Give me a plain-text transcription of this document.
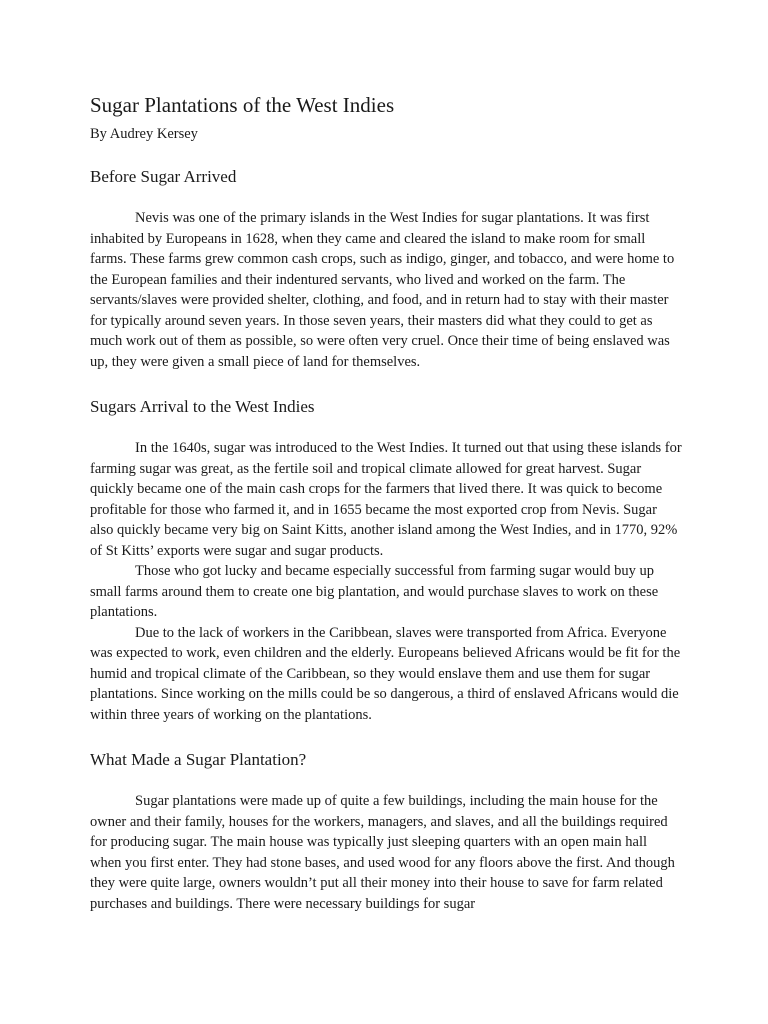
Sugar Plantations of the West Indies

By Audrey Kersey

Before Sugar Arrived

Nevis was one of the primary islands in the West Indies for sugar plantations. It was first inhabited by Europeans in 1628, when they came and cleared the island to make room for small farms. These farms grew common cash crops, such as indigo, ginger, and tobacco, and were home to the European families and their indentured servants, who lived and worked on the farm. The servants/slaves were provided shelter, clothing, and food, and in return had to stay with their master for typically around seven years. In those seven years, their masters did what they could to get as much work out of them as possible, so were often very cruel. Once their time of being enslaved was up, they were given a small piece of land for themselves.

Sugars Arrival to the West Indies

In the 1640s, sugar was introduced to the West Indies. It turned out that using these islands for farming sugar was great, as the fertile soil and tropical climate allowed for great harvest. Sugar quickly became one of the main cash crops for the farmers that lived there. It was quick to become profitable for those who farmed it, and in 1655 became the most exported crop from Nevis. Sugar also quickly became very big on Saint Kitts, another island among the West Indies, and in 1770, 92% of St Kitts’ exports were sugar and sugar products.

Those who got lucky and became especially successful from farming sugar would buy up small farms around them to create one big plantation, and would purchase slaves to work on these plantations.

Due to the lack of workers in the Caribbean, slaves were transported from Africa. Everyone was expected to work, even children and the elderly. Europeans believed Africans would be fit for the humid and tropical climate of the Caribbean, so they would enslave them and use them for sugar plantations. Since working on the mills could be so dangerous, a third of enslaved Africans would die within three years of working on the plantations.

What Made a Sugar Plantation?

Sugar plantations were made up of quite a few buildings, including the main house for the owner and their family, houses for the workers, managers, and slaves, and all the buildings required for producing sugar. The main house was typically just sleeping quarters with an open main hall when you first enter. They had stone bases, and used wood for any floors above the first. And though they were quite large, owners wouldn’t put all their money into their house to save for farm related purchases and buildings. There were necessary buildings for sugar
